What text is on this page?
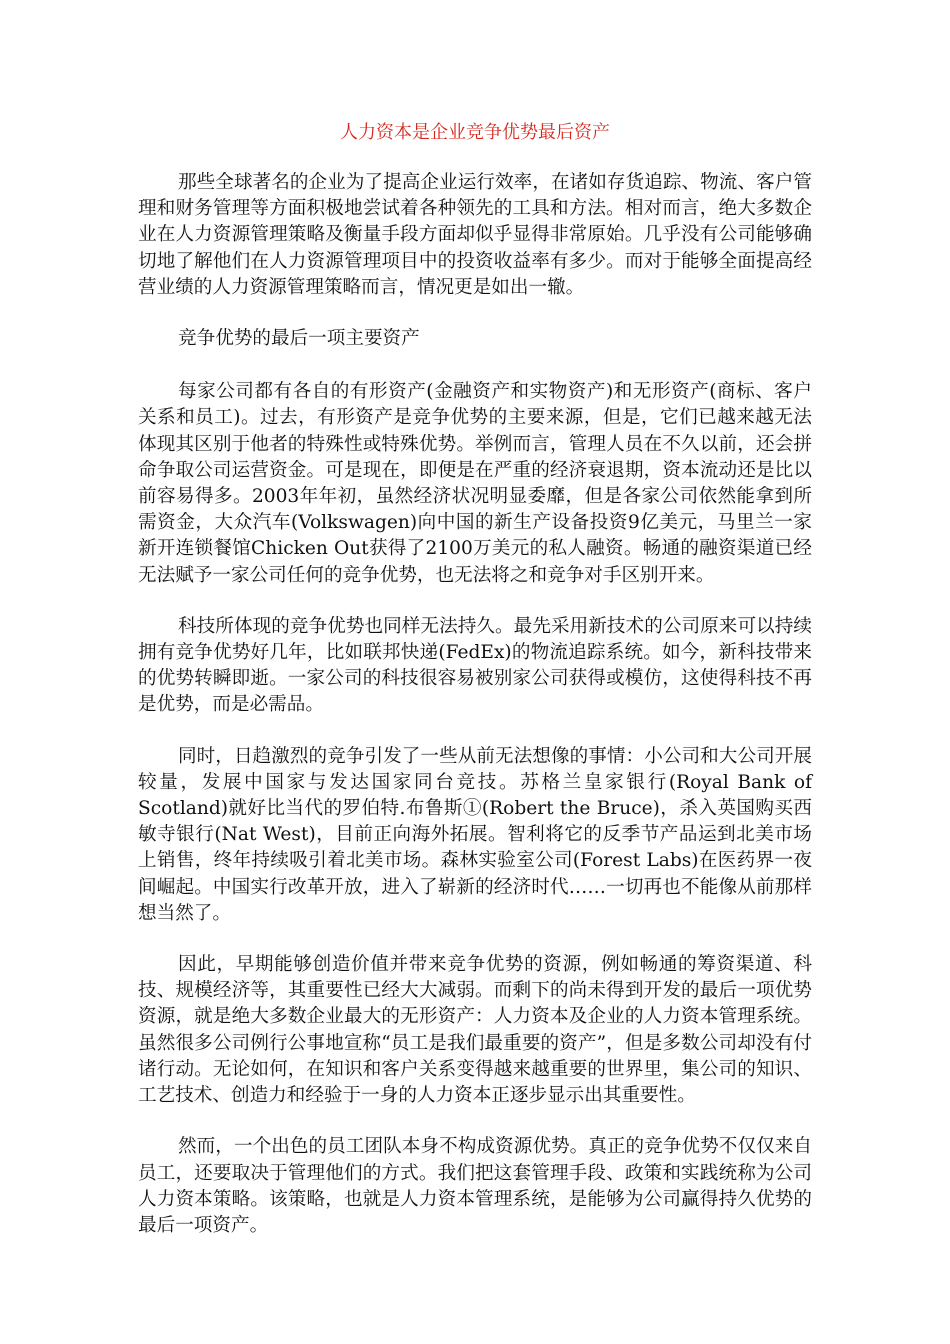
人力资本是企业竞争优势最后资产

那些全球著名的企业为了提高企业运行效率，在诸如存货追踪、物流、客户管理和财务管理等方面积极地尝试着各种领先的工具和方法。相对而言，绝大多数企业在人力资源管理策略及衡量手段方面却似乎显得非常原始。几乎没有公司能够确切地了解他们在人力资源管理项目中的投资收益率有多少。而对于能够全面提高经营业绩的人力资源管理策略而言，情况更是如出一辙。

竞争优势的最后一项主要资产

每家公司都有各自的有形资产(金融资产和实物资产)和无形资产(商标、客户关系和员工)。过去，有形资产是竞争优势的主要来源，但是，它们已越来越无法体现其区别于他者的特殊性或特殊优势。举例而言，管理人员在不久以前，还会拼命争取公司运营资金。可是现在，即便是在严重的经济衰退期，资本流动还是比以前容易得多。2003年年初，虽然经济状况明显委靡，但是各家公司依然能拿到所需资金，大众汽车(Volkswagen)向中国的新生产设备投资9亿美元，马里兰一家新开连锁餐馆Chicken Out获得了2100万美元的私人融资。畅通的融资渠道已经无法赋予一家公司任何的竞争优势，也无法将之和竞争对手区别开来。

科技所体现的竞争优势也同样无法持久。最先采用新技术的公司原来可以持续拥有竞争优势好几年，比如联邦快递(FedEx)的物流追踪系统。如今，新科技带来的优势转瞬即逝。一家公司的科技很容易被别家公司获得或模仿，这使得科技不再是优势，而是必需品。

同时，日趋激烈的竞争引发了一些从前无法想像的事情：小公司和大公司开展较量，发展中国家与发达国家同台竞技。苏格兰皇家银行(Royal Bank of Scotland)就好比当代的罗伯特.布鲁斯①(Robert the Bruce)，杀入英国购买西敏寺银行(Nat West)，目前正向海外拓展。智利将它的反季节产品运到北美市场上销售，终年持续吸引着北美市场。森林实验室公司(Forest Labs)在医药界一夜间崛起。中国实行改革开放，进入了崭新的经济时代……一切再也不能像从前那样想当然了。

因此，早期能够创造价值并带来竞争优势的资源，例如畅通的筹资渠道、科技、规模经济等，其重要性已经大大减弱。而剩下的尚未得到开发的最后一项优势资源，就是绝大多数企业最大的无形资产：人力资本及企业的人力资本管理系统。虽然很多公司例行公事地宣称“员工是我们最重要的资产”，但是多数公司却没有付诸行动。无论如何，在知识和客户关系变得越来越重要的世界里，集公司的知识、工艺技术、创造力和经验于一身的人力资本正逐步显示出其重要性。

然而，一个出色的员工团队本身不构成资源优势。真正的竞争优势不仅仅来自员工，还要取决于管理他们的方式。我们把这套管理手段、政策和实践统称为公司人力资本策略。该策略，也就是人力资本管理系统，是能够为公司赢得持久优势的最后一项资产。
